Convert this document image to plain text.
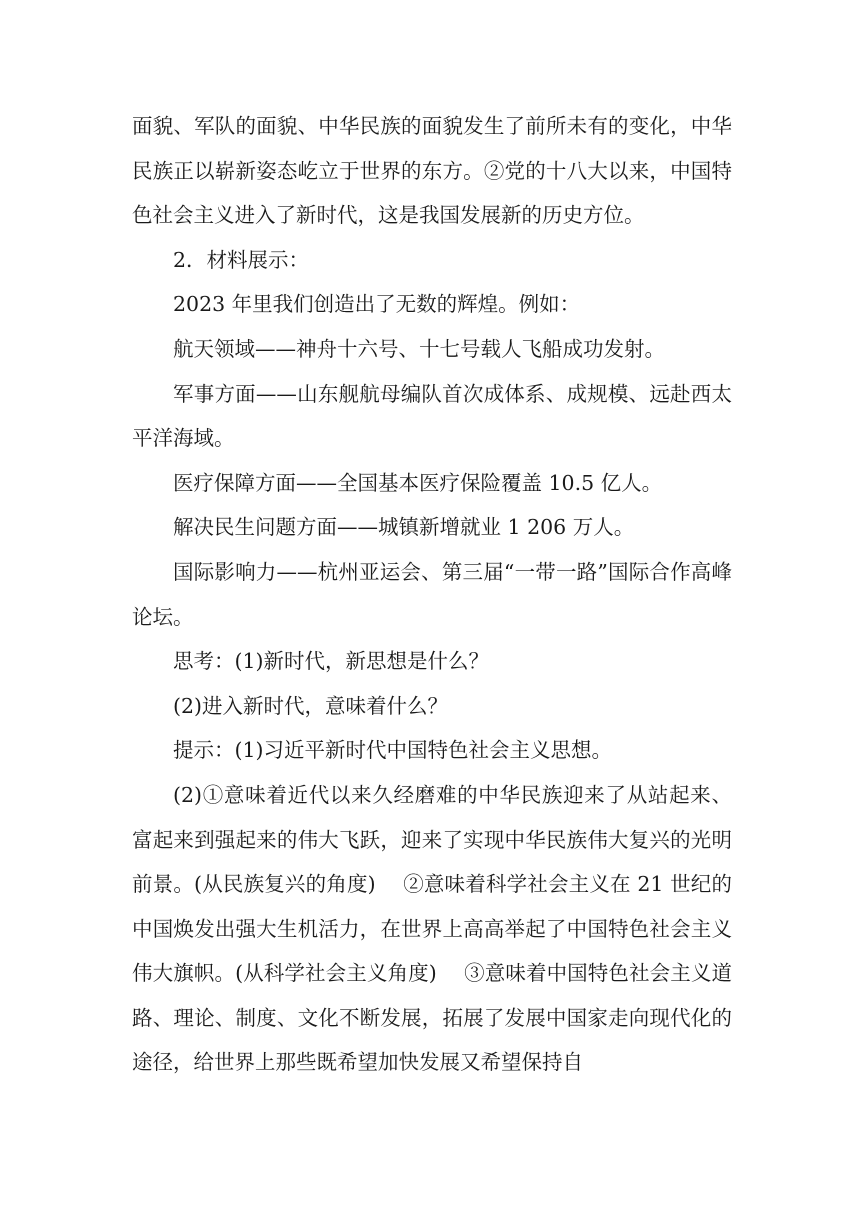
面貌、军队的面貌、中华民族的面貌发生了前所未有的变化，中华民族正以崭新姿态屹立于世界的东方。②党的十八大以来，中国特色社会主义进入了新时代，这是我国发展新的历史方位。

2．材料展示：

2023 年里我们创造出了无数的辉煌。例如：

航天领域——神舟十六号、十七号载人飞船成功发射。

军事方面——山东舰航母编队首次成体系、成规模、远赴西太平洋海域。

医疗保障方面——全国基本医疗保险覆盖 10.5 亿人。

解决民生问题方面——城镇新增就业 1 206 万人。

国际影响力——杭州亚运会、第三届“一带一路”国际合作高峰论坛。

思考：(1)新时代，新思想是什么？

(2)进入新时代，意味着什么？

提示：(1)习近平新时代中国特色社会主义思想。

(2)①意味着近代以来久经磨难的中华民族迎来了从站起来、富起来到强起来的伟大飞跃，迎来了实现中华民族伟大复兴的光明前景。(从民族复兴的角度)　 ②意味着科学社会主义在 21 世纪的中国焕发出强大生机活力，在世界上高高举起了中国特色社会主义伟大旗帜。(从科学社会主义角度)　 ③意味着中国特色社会主义道路、理论、制度、文化不断发展，拓展了发展中国家走向现代化的途径，给世界上那些既希望加快发展又希望保持自
